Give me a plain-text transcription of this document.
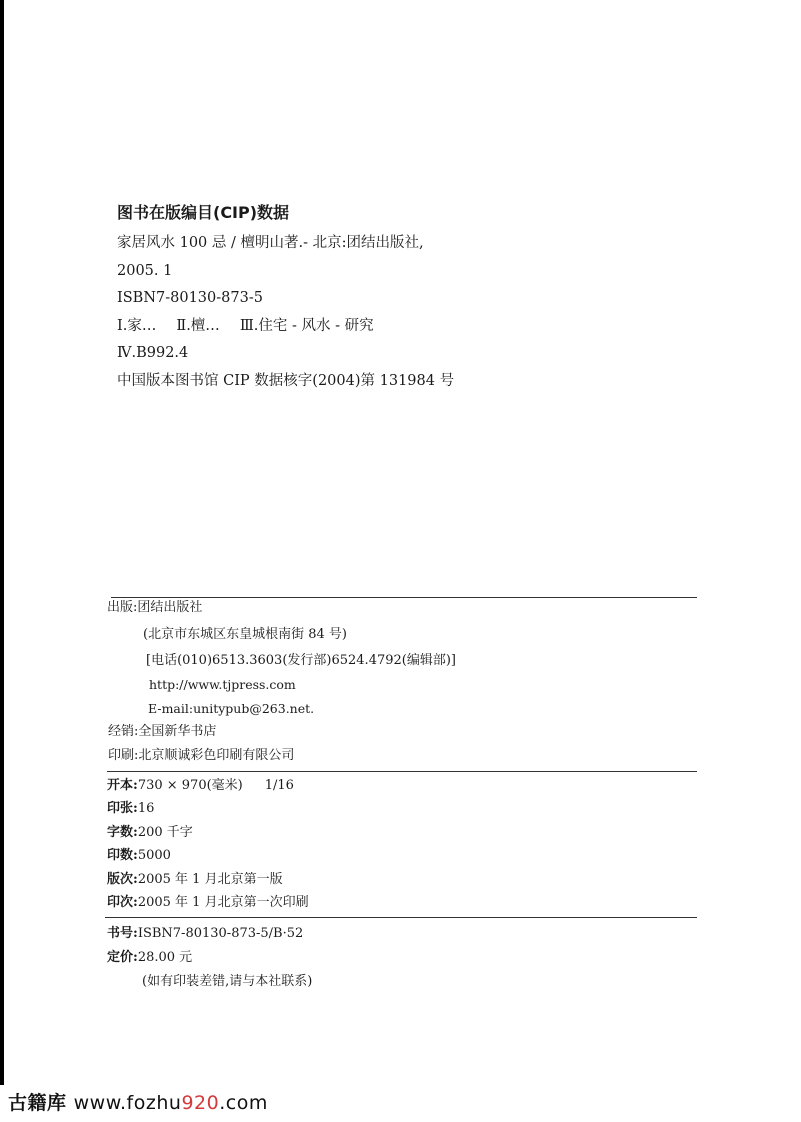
图书在版编目(CIP)数据
家居风水 100 忌 / 檀明山著.- 北京:团结出版社,
2005. 1
ISBN7-80130-873-5
Ⅰ.家… Ⅱ.檀… Ⅲ.住宅 - 风水 - 研究
Ⅳ.B992.4
中国版本图书馆 CIP 数据核字(2004)第 131984 号
出版:团结出版社
(北京市东城区东皇城根南街 84 号)
[电话(010)6513.3603(发行部)6524.4792(编辑部)]
http://www.tjpress.com
E-mail:unitypub@263.net.
经销:全国新华书店
印刷:北京顺诚彩色印刷有限公司
开本:730 × 970(毫米) 1/16
印张:16
字数:200 千字
印数:5000
版次:2005 年 1 月北京第一版
印次:2005 年 1 月北京第一次印刷
书号:ISBN7-80130-873-5/B·52
定价:28.00 元
(如有印装差错,请与本社联系)
古籍库 www.fozhu920.com
